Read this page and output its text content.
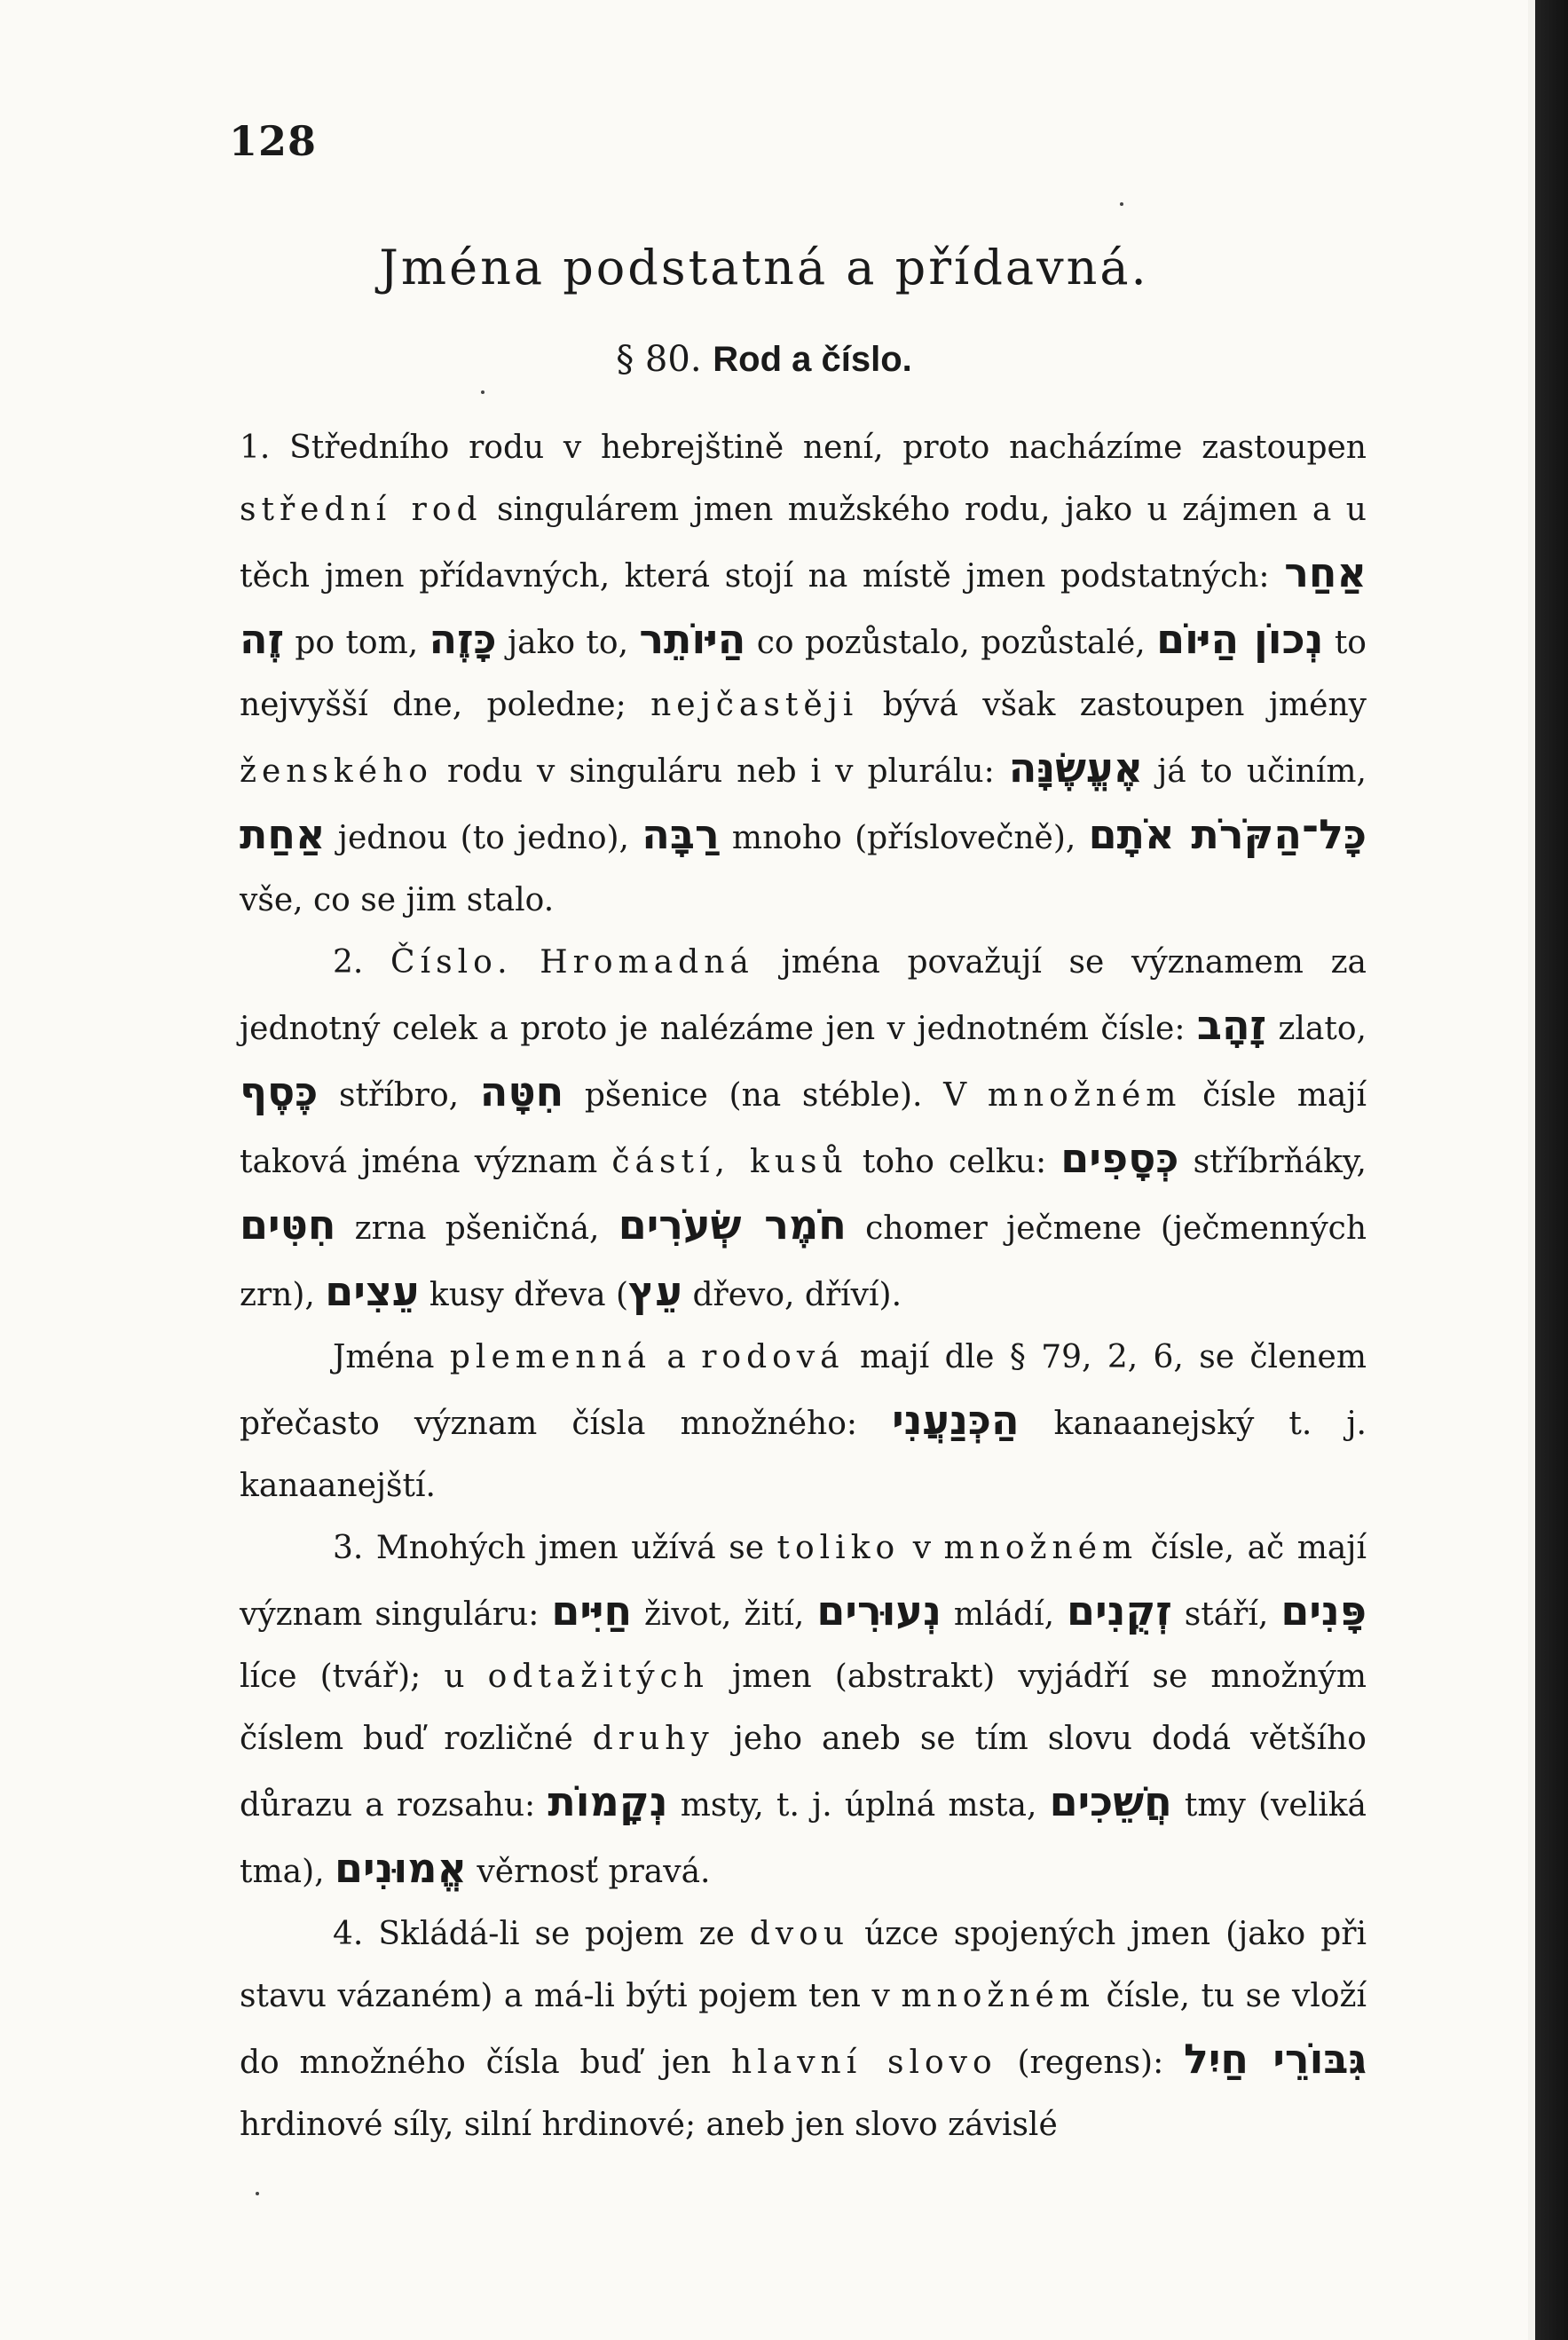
128
Jména podstatná a přídavná.
§ 80. Rod a číslo.

1. Středního rodu v hebrejštině není, proto nacházíme zastoupen střední rod singulárem jmen mužského rodu, jako u zájmen a u těch jmen přídavných, která stojí na místě jmen podstatných: אַחַר זֶה po tom, כָּזֶה jako to, הַיּוֹתֵר co pozůstalo, pozůstalé, נְכוֹן הַיּוֹם to nejvyšší dne, poledne; nejčastěji bývá však zastoupen jmény ženského rodu v singuláru neb i v plurálu: אֶעֱשֶׂנָּה já to učiním, אַחַת jednou (to jedno), רַבָּה mnoho (příslovečně), כָּל־הַקֹּרֹת אֹתָם vše, co se jim stalo.

2. Číslo. Hromadná jména považují se významem za jednotný celek a proto je nalézáme jen v jednotném čísle: זָהָב zlato, כֶּסֶף stříbro, חִטָּה pšenice (na stéble). V množném čísle mají taková jména význam částí, kusů toho celku: כְּסָפִים stříbrňáky, חִטִּים zrna pšeničná, חֹמֶר שְׂעֹרִים chomer ječmene (ječmenných zrn), עֵצִים kusy dřeva (עֵץ dřevo, dříví).

Jména plemenná a rodová mají dle § 79, 2, 6, se členem přečasto význam čísla množného: הַכְּנַעֲנִי kanaanejský t. j. kanaanejští.

3. Mnohých jmen užívá se toliko v množném čísle, ač mají význam singuláru: חַיִּים život, žití, נְעוּרִים mládí, זְקֻנִים stáří, פָּנִים líce (tvář); u odtažitých jmen (abstrakt) vyjádří se množným číslem buď rozličné druhy jeho aneb se tím slovu dodá většího důrazu a rozsahu: נְקָמוֹת msty, t. j. úplná msta, חֲשֵׁכִים tmy (veliká tma), אֱמוּנִים věrnosť pravá.

4. Skládá-li se pojem ze dvou úzce spojených jmen (jako při stavu vázaném) a má-li býti pojem ten v množném čísle, tu se vloží do množného čísla buď jen hlavní slovo (regens): גִּבּוֹרֵי חַיִל hrdinové síly, silní hrdinové; aneb jen slovo závislé
